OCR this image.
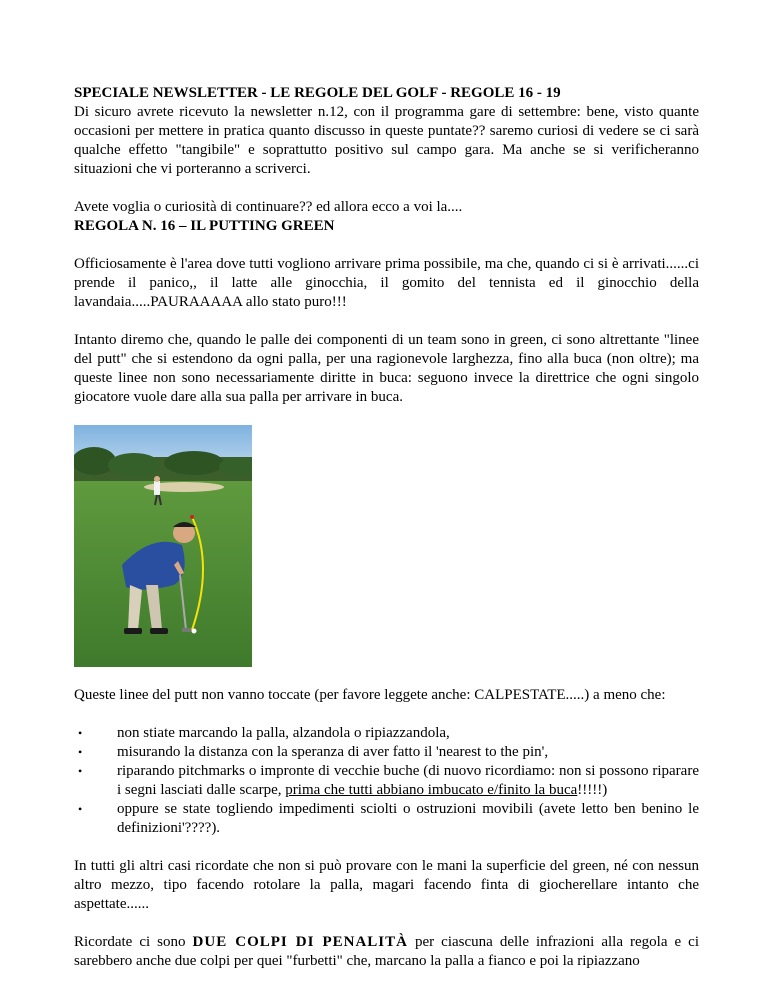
SPECIALE NEWSLETTER - LE REGOLE DEL GOLF - REGOLE 16 - 19

Di sicuro avrete ricevuto la newsletter n.12, con il programma gare di settembre: bene, visto quante occasioni per mettere in pratica quanto discusso in queste puntate?? saremo curiosi di vedere se ci sarà qualche effetto "tangibile" e soprattutto positivo sul campo gara. Ma anche se si verificheranno situazioni che vi porteranno a scriverci.

Avete voglia o curiosità di continuare?? ed allora ecco a voi la....

REGOLA N. 16 – IL PUTTING GREEN

Officiosamente è l'area dove tutti vogliono arrivare prima possibile, ma che, quando ci si è arrivati......ci prende il panico,, il latte alle ginocchia, il gomito del tennista ed il ginocchio della lavandaia.....PAURAAAAA allo stato puro!!!

Intanto diremo che, quando le palle dei componenti di un team sono in green, ci sono altrettante "linee del putt" che si estendono da ogni palla, per una ragionevole larghezza, fino alla buca (non oltre); ma queste linee non sono necessariamente diritte in buca: seguono invece la direttrice che ogni singolo giocatore vuole dare alla sua palla per arrivare in buca.

Queste linee del putt non vanno toccate (per favore leggete anche: CALPESTATE.....) a meno che:

• non stiate marcando la palla, alzandola o ripiazzandola,
• misurando la distanza con la speranza di aver fatto il 'nearest to the pin',
• riparando pitchmarks o impronte di vecchie buche (di nuovo ricordiamo: non si possono riparare i segni lasciati dalle scarpe, prima che tutti abbiano imbucato e/finito la buca!!!!!)
• oppure se state togliendo impedimenti sciolti o ostruzioni movibili (avete letto ben benino le definizioni'????).

In tutti gli altri casi ricordate che non si può provare con le mani la superficie del green, né con nessun altro mezzo, tipo facendo rotolare la palla, magari facendo finta di giocherellare intanto che aspettate......

Ricordate ci sono DUE COLPI DI PENALITÀ per ciascuna delle infrazioni alla regola e ci sarebbero anche due colpi per quei "furbetti" che, marcano la palla a fianco e poi la ripiazzano
